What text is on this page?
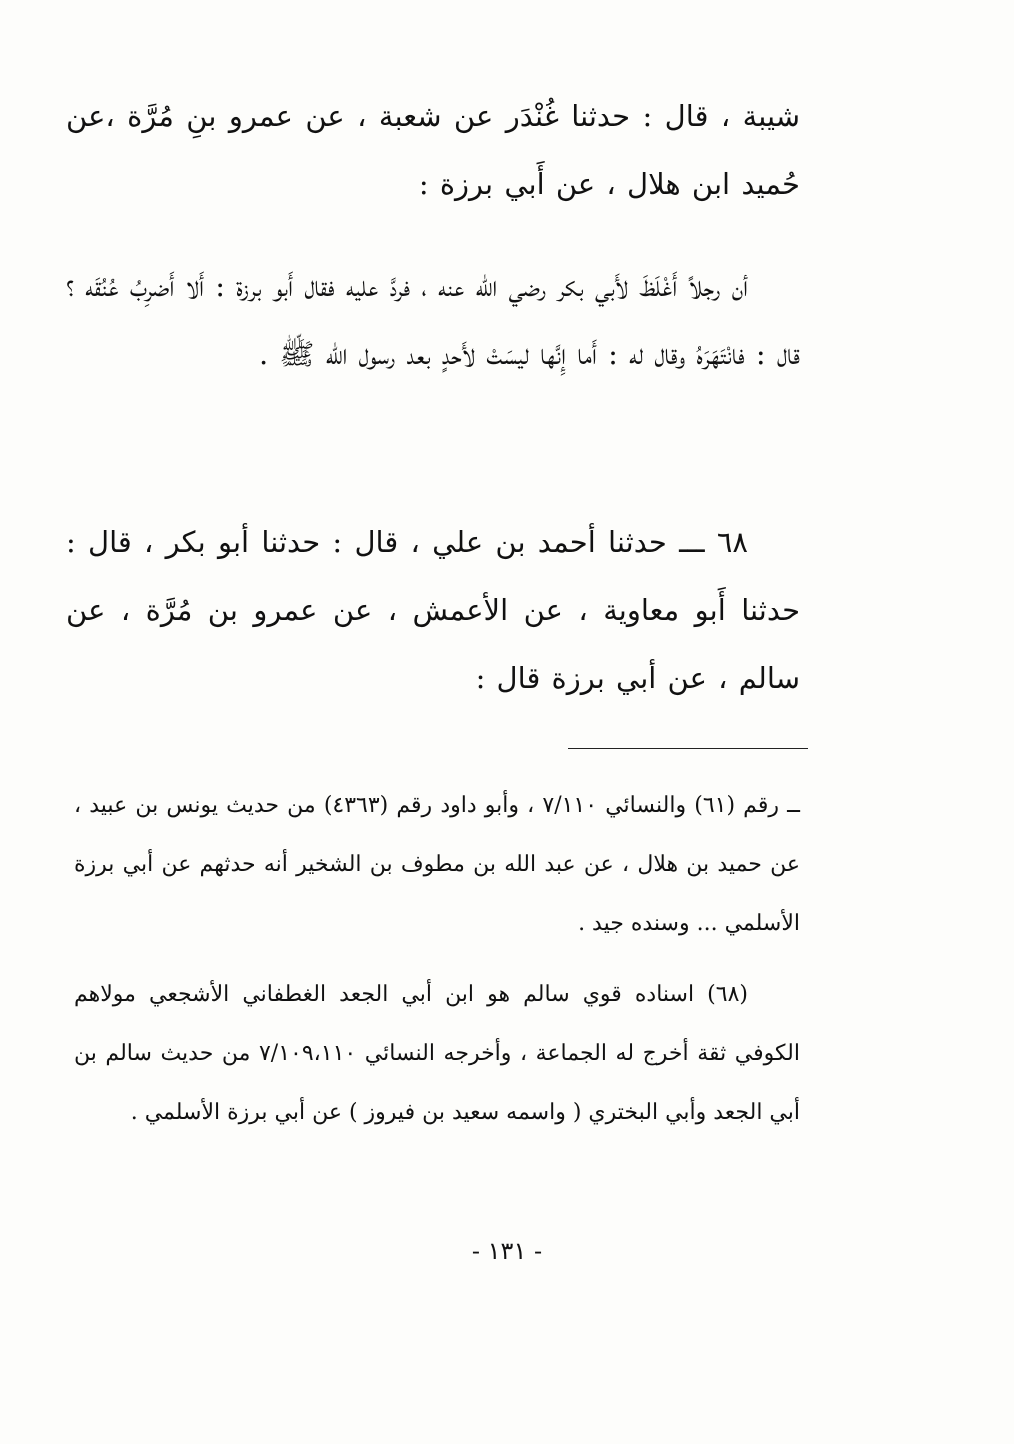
شيبة ، قال : حدثنا غُنْدَر عن شعبة ، عن عمرو بنِ مُرَّة ،عن حُميد ابن هلال ، عن أَبي برزة :

أن رجلاً أَغْلَظَ لأَبي بكر رضي الله عنه ، فردَّ عليه فقال أَبو برزة : أَلا أَضرِبُ عُنُقَه ؟ قال : فانْتَهَرَهُ وقال له : أَما إِنَّها ليسَتْ لأَحدٍ بعد رسول الله ﷺ .

٦٨ ـــ حدثنا أحمد بن علي ، قال : حدثنا أبو بكر ، قال : حدثنا أَبو معاوية ، عن الأعمش ، عن عمرو بن مُرَّة ، عن سالم ، عن أبي برزة قال :

ــ رقم (٦١) والنسائي ٧/١١٠ ، وأبو داود رقم (٤٣٦٣) من حديث يونس بن عبيد ، عن حميد بن هلال ، عن عبد الله بن مطوف بن الشخير أنه حدثهم عن أبي برزة الأسلمي ... وسنده جيد .

(٦٨) اسناده قوي سالم هو ابن أبي الجعد الغطفاني الأشجعي مولاهم الكوفي ثقة أخرج له الجماعة ، وأخرجه النسائي ٧/١٠٩،١١٠ من حديث سالم بن أبي الجعد وأبي البختري ( واسمه سعيد بن فيروز ) عن أبي برزة الأسلمي .

- ١٣١ -
